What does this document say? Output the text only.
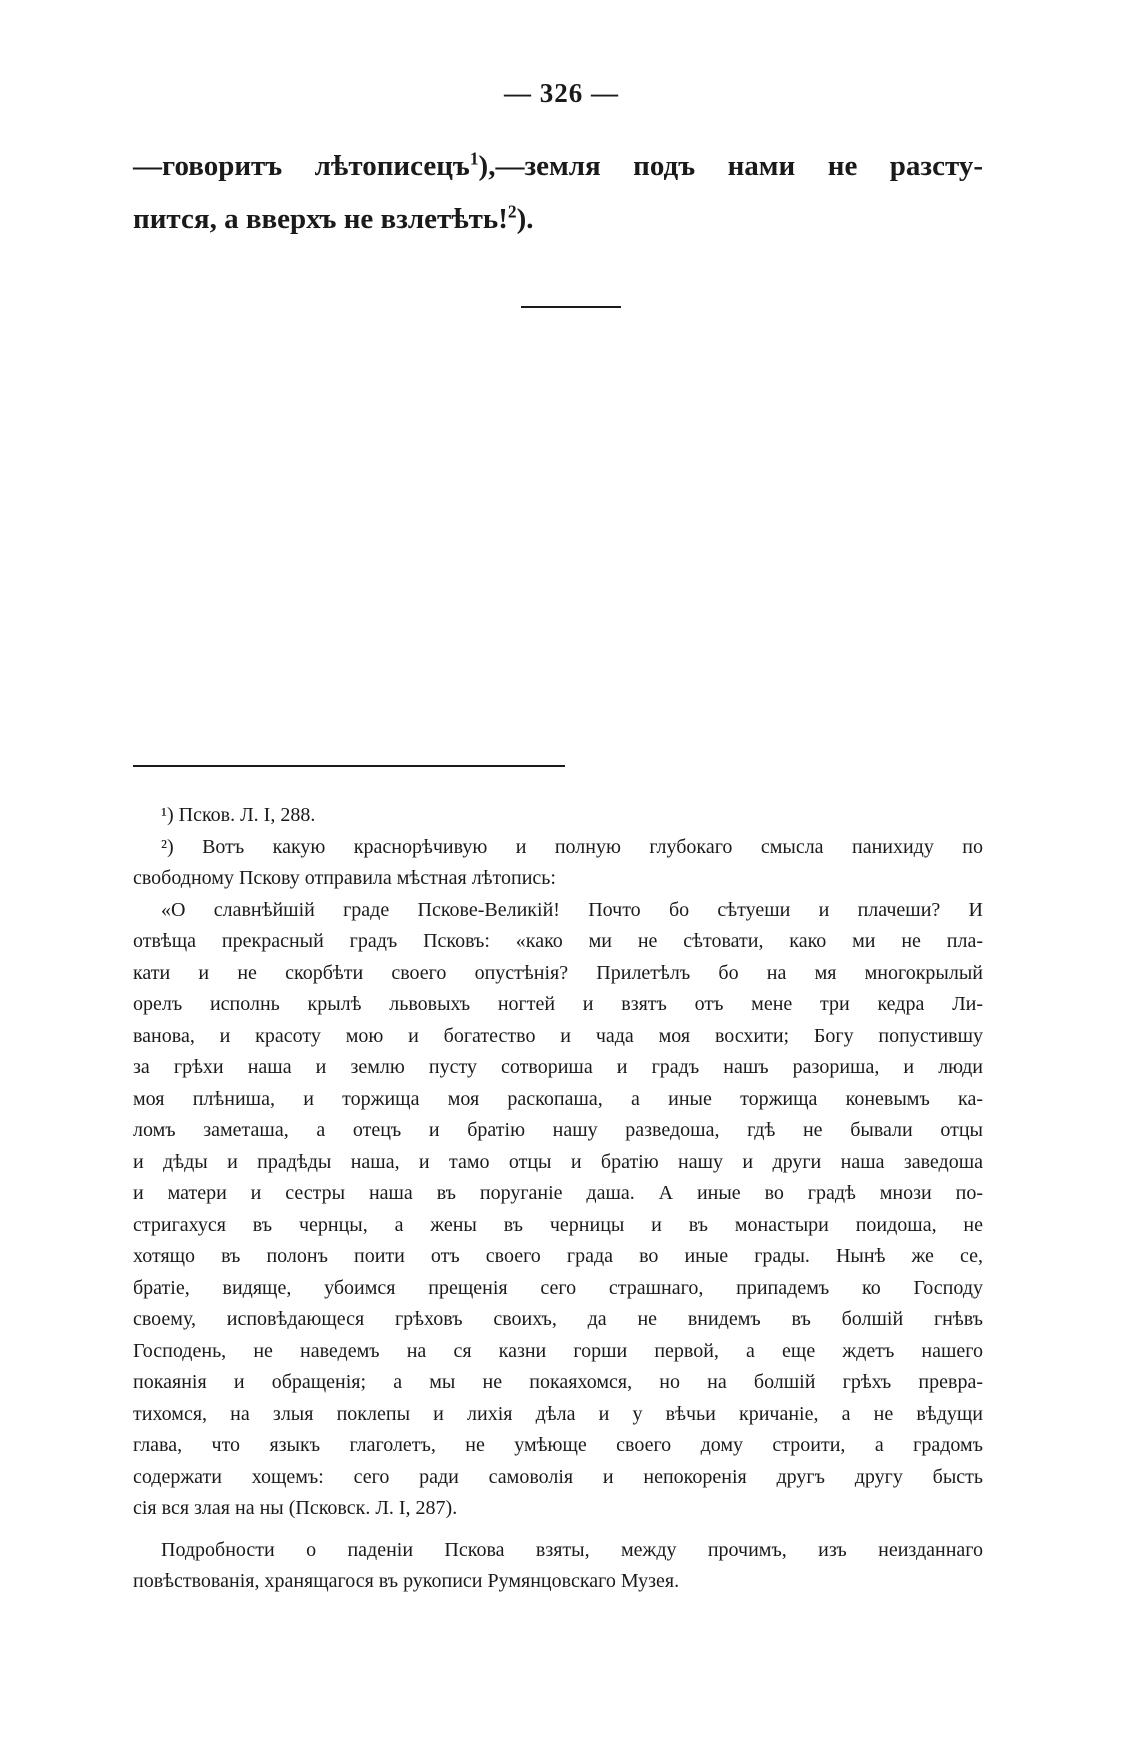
— 326 —
—говоритъ лѣтописецъ$^1$),—земля подъ нами не разсту-
пится, а вверхъ не взлетѣть!$^2$).
¹) Псков. Л. I, 288.
²) Вотъ какую краснорѣчивую и полную глубокаго смысла панихиду по
свободному Пскову отправила мѣстная лѣтопись:
«О славнѣйшій граде Пскове-Великій! Почто бо сѣтуеши и плачеши? И
отвѣща прекрасный градъ Псковъ: «како ми не сѣтовати, како ми не пла-
кати и не скорбѣти своего опустѣнія? Прилетѣлъ бо на мя многокрылый
орелъ исполнь крылѣ львовыхъ ногтей и взятъ отъ мене три кедра Ли-
ванова, и красоту мою и богатество и чада моя восхити; Богу попустившу
за грѣхи наша и землю пусту сотвориша и градъ нашъ разориша, и люди
моя плѣниша, и торжища моя раскопаша, а иные торжища коневымъ ка-
ломъ заметаша, а отецъ и братію нашу разведоша, гдѣ не бывали отцы
и дѣды и прадѣды наша, и тамо отцы и братію нашу и други наша заведоша
и матери и сестры наша въ поруганіе даша. А иные во градѣ мнози по-
стригахуся въ чернцы, а жены въ черницы и въ монастыри поидоша, не
хотящо въ полонъ поити отъ своего града во иные грады. Нынѣ же се,
братіе, видяще, убоимся прещенія сего страшнаго, припадемъ ко Господу
своему, исповѣдающеся грѣховъ своихъ, да не внидемъ въ болшій гнѣвъ
Господень, не наведемъ на ся казни горши первой, а еще ждетъ нашего
покаянія и обращенія; а мы не покаяхомся, но на болшій грѣхъ превра-
тихомся, на злыя поклепы и лихія дѣла и у вѣчьи кричаніе, а не вѣдущи
глава, что языкъ глаголетъ, не умѣюще своего дому строити, а градомъ
содержати хощемъ: сего ради самоволія и непокоренія другъ другу бысть
сія вся злая на ны (Псковск. Л. I, 287).
Подробности о паденіи Пскова взяты, между прочимъ, изъ неизданнаго
повѣствованія, хранящагося въ рукописи Румянцовскаго Музея.
